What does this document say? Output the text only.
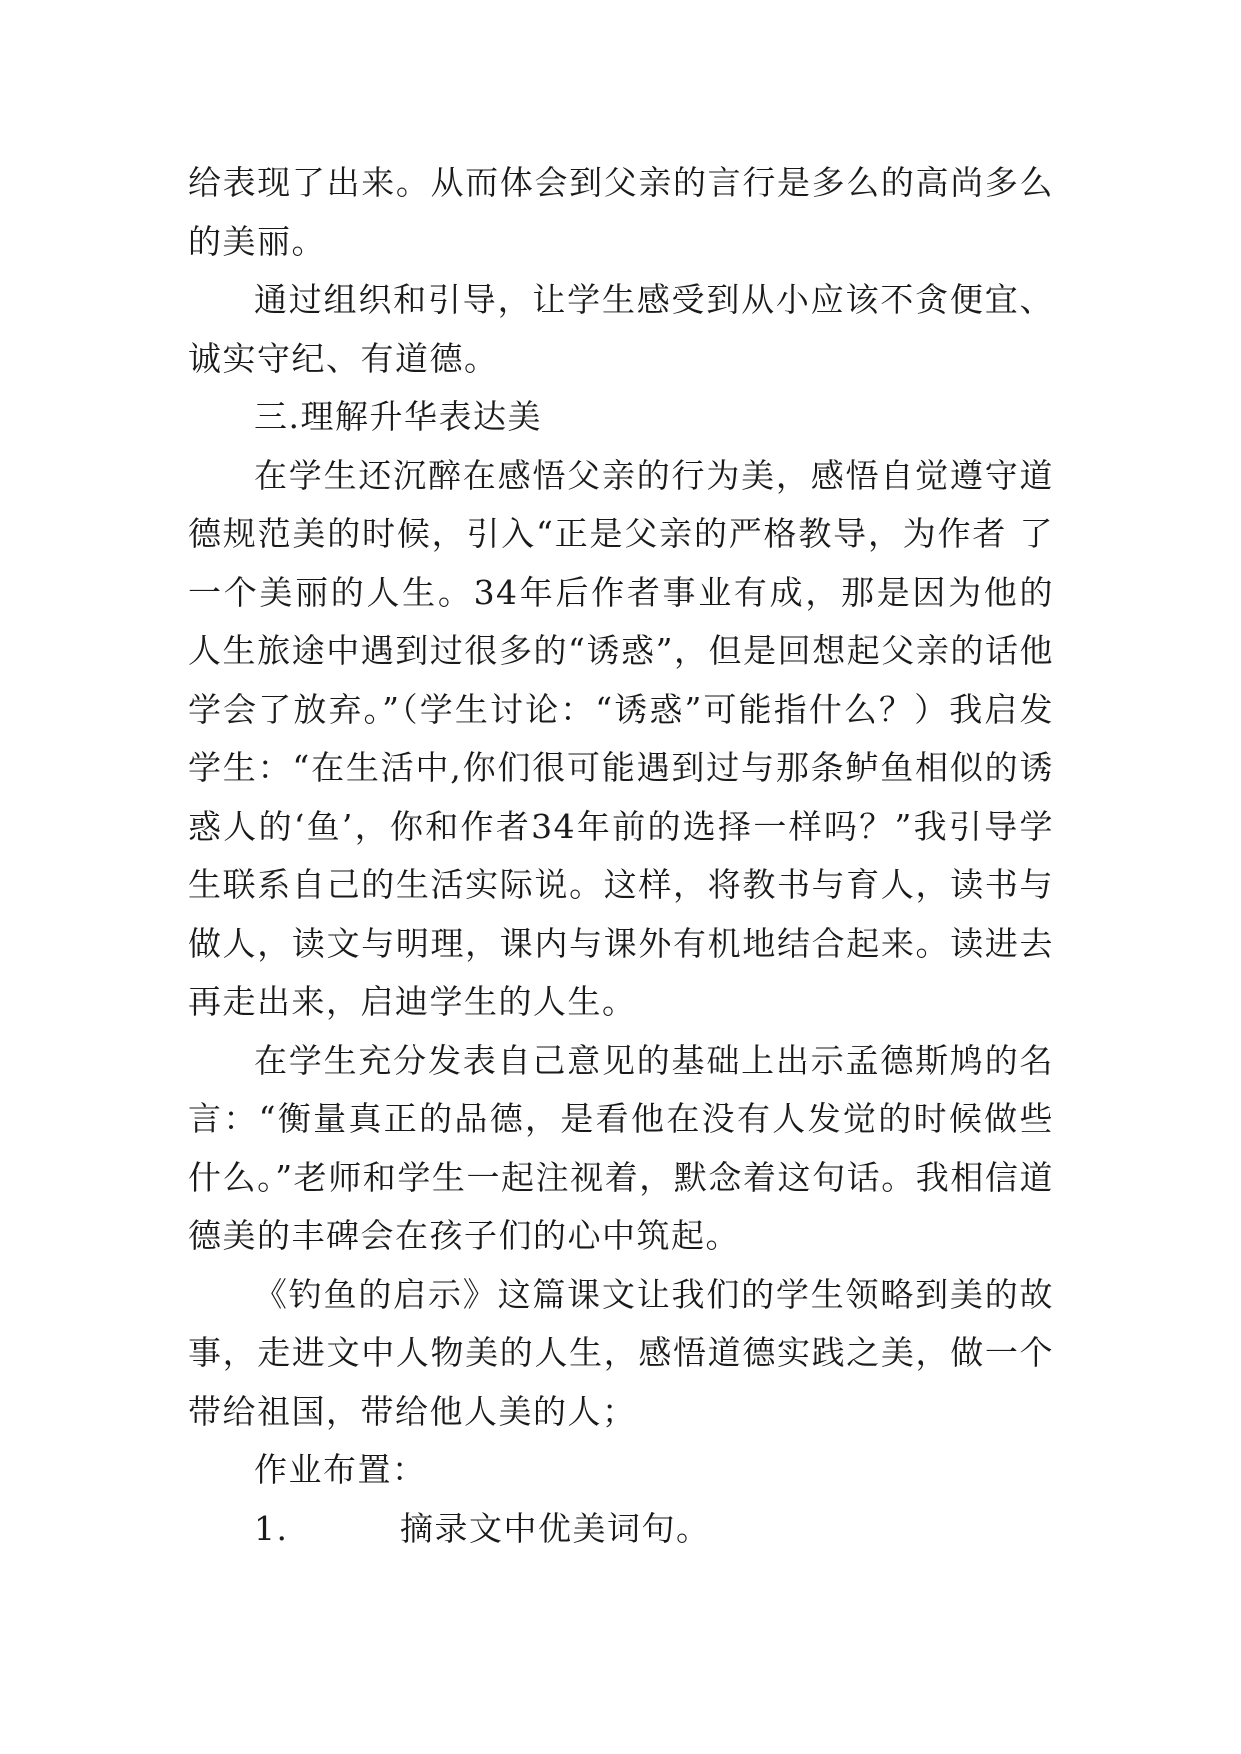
给表现了出来。从而体会到父亲的言行是多么的高尚多么的美丽。

通过组织和引导，让学生感受到从小应该不贪便宜、诚实守纪、有道德。

三.理解升华表达美

在学生还沉醉在感悟父亲的行为美，感悟自觉遵守道德规范美的时候，引入“正是父亲的严格教导，为作者 了一个美丽的人生。34年后作者事业有成，那是因为他的人生旅途中遇到过很多的“诱惑”，但是回想起父亲的话他学会了放弃。”（学生讨论：“诱惑”可能指什么？）我启发学生：“在生活中,你们很可能遇到过与那条鲈鱼相似的诱惑人的‘鱼’，你和作者34年前的选择一样吗？”我引导学生联系自己的生活实际说。这样，将教书与育人，读书与做人，读文与明理，课内与课外有机地结合起来。读进去再走出来，启迪学生的人生。

在学生充分发表自己意见的基础上出示孟德斯鸠的名言：“衡量真正的品德，是看他在没有人发觉的时候做些什么。”老师和学生一起注视着，默念着这句话。我相信道德美的丰碑会在孩子们的心中筑起。

《钓鱼的启示》这篇课文让我们的学生领略到美的故事，走进文中人物美的人生，感悟道德实践之美，做一个带给祖国，带给他人美的人；

作业布置：

1.	摘录文中优美词句。
